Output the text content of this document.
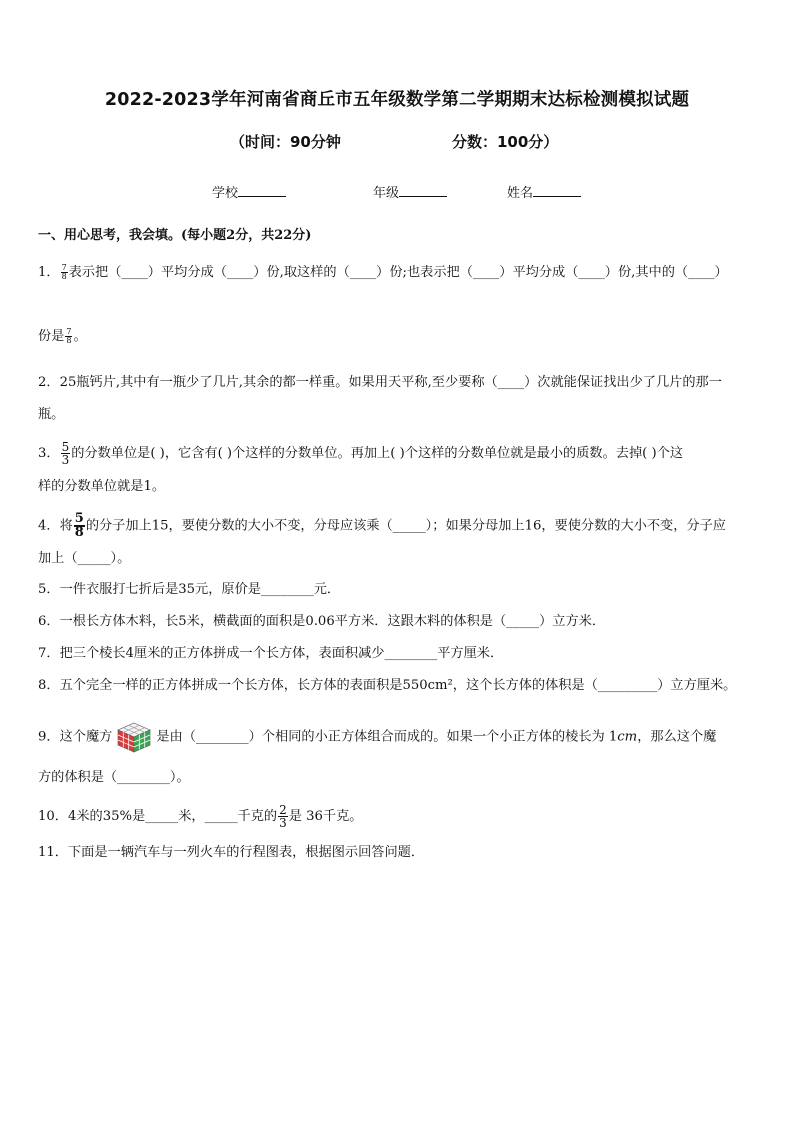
2022-2023学年河南省商丘市五年级数学第二学期期末达标检测模拟试题
（时间：90分钟	分数：100分）
学校	年级	姓名
一、用心思考，我会填。(每小题2分，共22分)
1． $\frac{7}{8}$ 表示把（____）平均分成（____）份,取这样的（____）份;也表示把（____）平均分成（____）份,其中的（____）
份是 $\frac{7}{8}$ 。
2．25瓶钙片,其中有一瓶少了几片,其余的都一样重。如果用天平称,至少要称（____）次就能保证找出少了几片的那一
瓶。
3． $\frac{5}{3}$ 的分数单位是( )，它含有( )个这样的分数单位。再加上( )个这样的分数单位就是最小的质数。去掉( )个这
样的分数单位就是1。
4．将 $\frac{5}{8}$ 的分子加上15，要使分数的大小不变，分母应该乘（_____）；如果分母加上16，要使分数的大小不变，分子应
加上（_____）。
5．一件衣服打七折后是35元，原价是________元．
6．一根长方体木料，长5米，横截面的面积是0.06平方米．这跟木料的体积是（_____）立方米．
7．把三个棱长4厘米的正方体拼成一个长方体，表面积减少________平方厘米．
8．五个完全一样的正方体拼成一个长方体，长方体的表面积是550cm²，这个长方体的体积是（_________）立方厘米。
9．这个魔方	是由（________）个相同的小正方体组合而成的。如果一个小正方体的棱长为 1cm，那么这个魔
方的体积是（________）。
10．4米的35%是_____米，_____千克的 $\frac{2}{3}$ 是 36千克。
11．下面是一辆汽车与一列火车的行程图表，根据图示回答问题．
